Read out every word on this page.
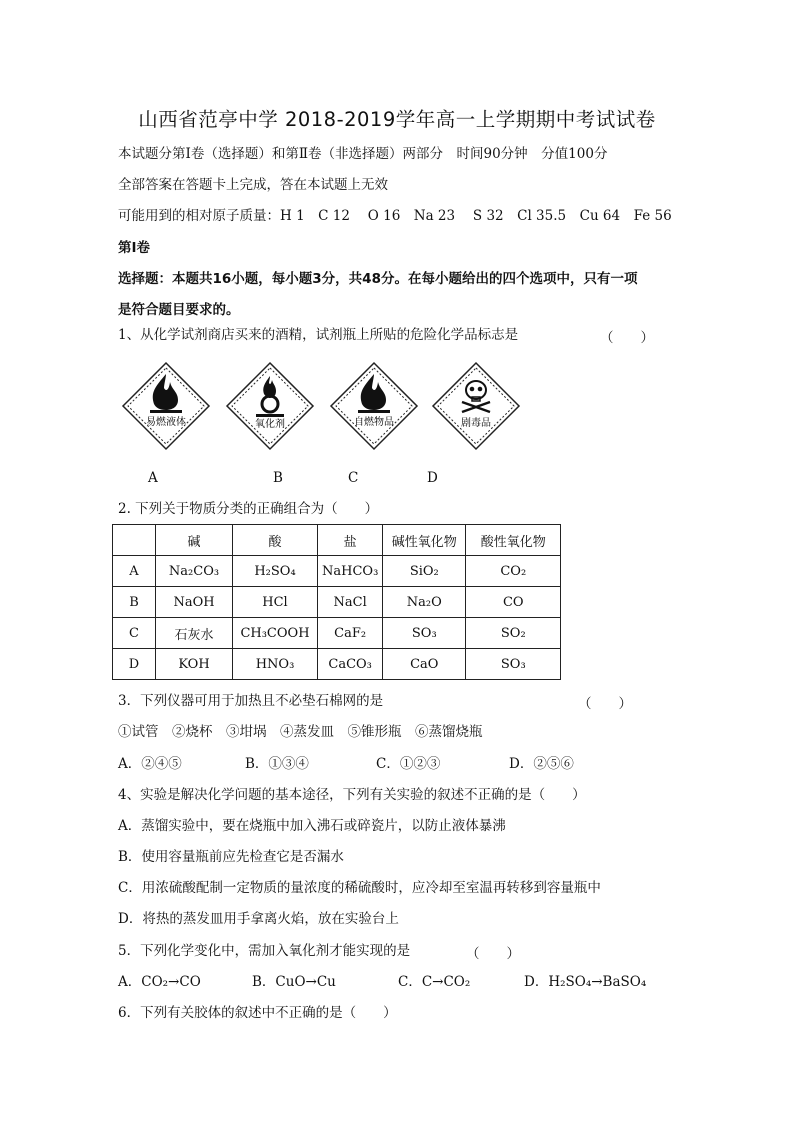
山西省范亭中学 2018-2019学年高一上学期期中考试试卷
本试题分第Ⅰ卷（选择题）和第Ⅱ卷（非选择题）两部分　时间90分钟　分值100分
全部答案在答题卡上完成，答在本试题上无效
可能用到的相对原子质量：H 1　C 12　 O 16　Na 23　 S 32　Cl 35.5　Cu 64　Fe 56
第Ⅰ卷
选择题：本题共16小题，每小题3分，共48分。在每小题给出的四个选项中，只有一项
是符合题目要求的。
1、从化学试剂商店买来的酒精，试剂瓶上所贴的危险化学品标志是	（　　）
易燃液体	氧化剂	自燃物品	剧毒品
A	B	C	D
2. 下列关于物质分类的正确组合为（　　）
	碱	酸	盐	碱性氧化物	酸性氧化物
A	Na₂CO₃	H₂SO₄	NaHCO₃	SiO₂	CO₂
B	NaOH	HCl	NaCl	Na₂O	CO
C	石灰水	CH₃COOH	CaF₂	SO₃	SO₂
D	KOH	HNO₃	CaCO₃	CaO	SO₃
3．下列仪器可用于加热且不必垫石棉网的是	（　　）
①试管　②烧杯　③坩埚　④蒸发皿　⑤锥形瓶　⑥蒸馏烧瓶
A．②④⑤	B．①③④	C．①②③	D．②⑤⑥
4、实验是解决化学问题的基本途径，下列有关实验的叙述不正确的是（　　）
A．蒸馏实验中，要在烧瓶中加入沸石或碎瓷片，以防止液体暴沸
B．使用容量瓶前应先检查它是否漏水
C．用浓硫酸配制一定物质的量浓度的稀硫酸时，应冷却至室温再转移到容量瓶中
D．将热的蒸发皿用手拿离火焰，放在实验台上
5．下列化学变化中，需加入氧化剂才能实现的是	（　　）
A．CO₂→CO	B．CuO→Cu	C．C→CO₂	D．H₂SO₄→BaSO₄
6．下列有关胶体的叙述中不正确的是（　　）
